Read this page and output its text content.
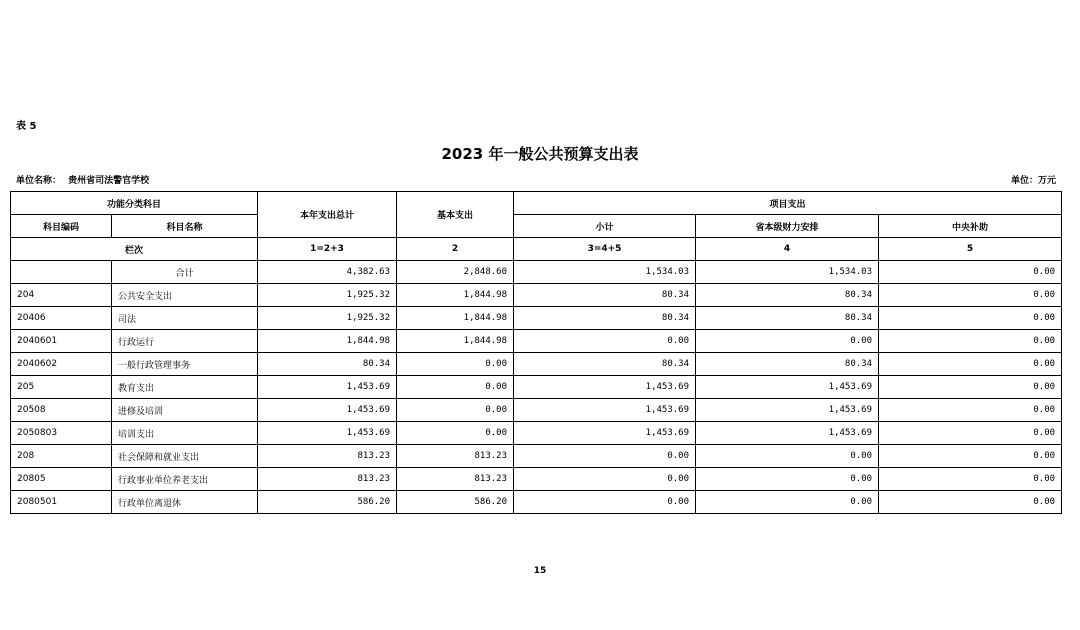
表 5
2023 年一般公共预算支出表
单位名称： 贵州省司法警官学校	单位：万元
功能分类科目		本年支出总计	基本支出	项目支出		
科目编码	科目名称			小计	省本级财力安排	中央补助
栏次		1=2+3	2	3=4+5	4	5
	合计	4,382.63	2,848.60	1,534.03	1,534.03	0.00
204	公共安全支出	1,925.32	1,844.98	80.34	80.34	0.00
20406	司法	1,925.32	1,844.98	80.34	80.34	0.00
2040601	行政运行	1,844.98	1,844.98	0.00	0.00	0.00
2040602	一般行政管理事务	80.34	0.00	80.34	80.34	0.00
205	教育支出	1,453.69	0.00	1,453.69	1,453.69	0.00
20508	进修及培训	1,453.69	0.00	1,453.69	1,453.69	0.00
2050803	培训支出	1,453.69	0.00	1,453.69	1,453.69	0.00
208	社会保障和就业支出	813.23	813.23	0.00	0.00	0.00
20805	行政事业单位养老支出	813.23	813.23	0.00	0.00	0.00
2080501	行政单位离退休	586.20	586.20	0.00	0.00	0.00
15
